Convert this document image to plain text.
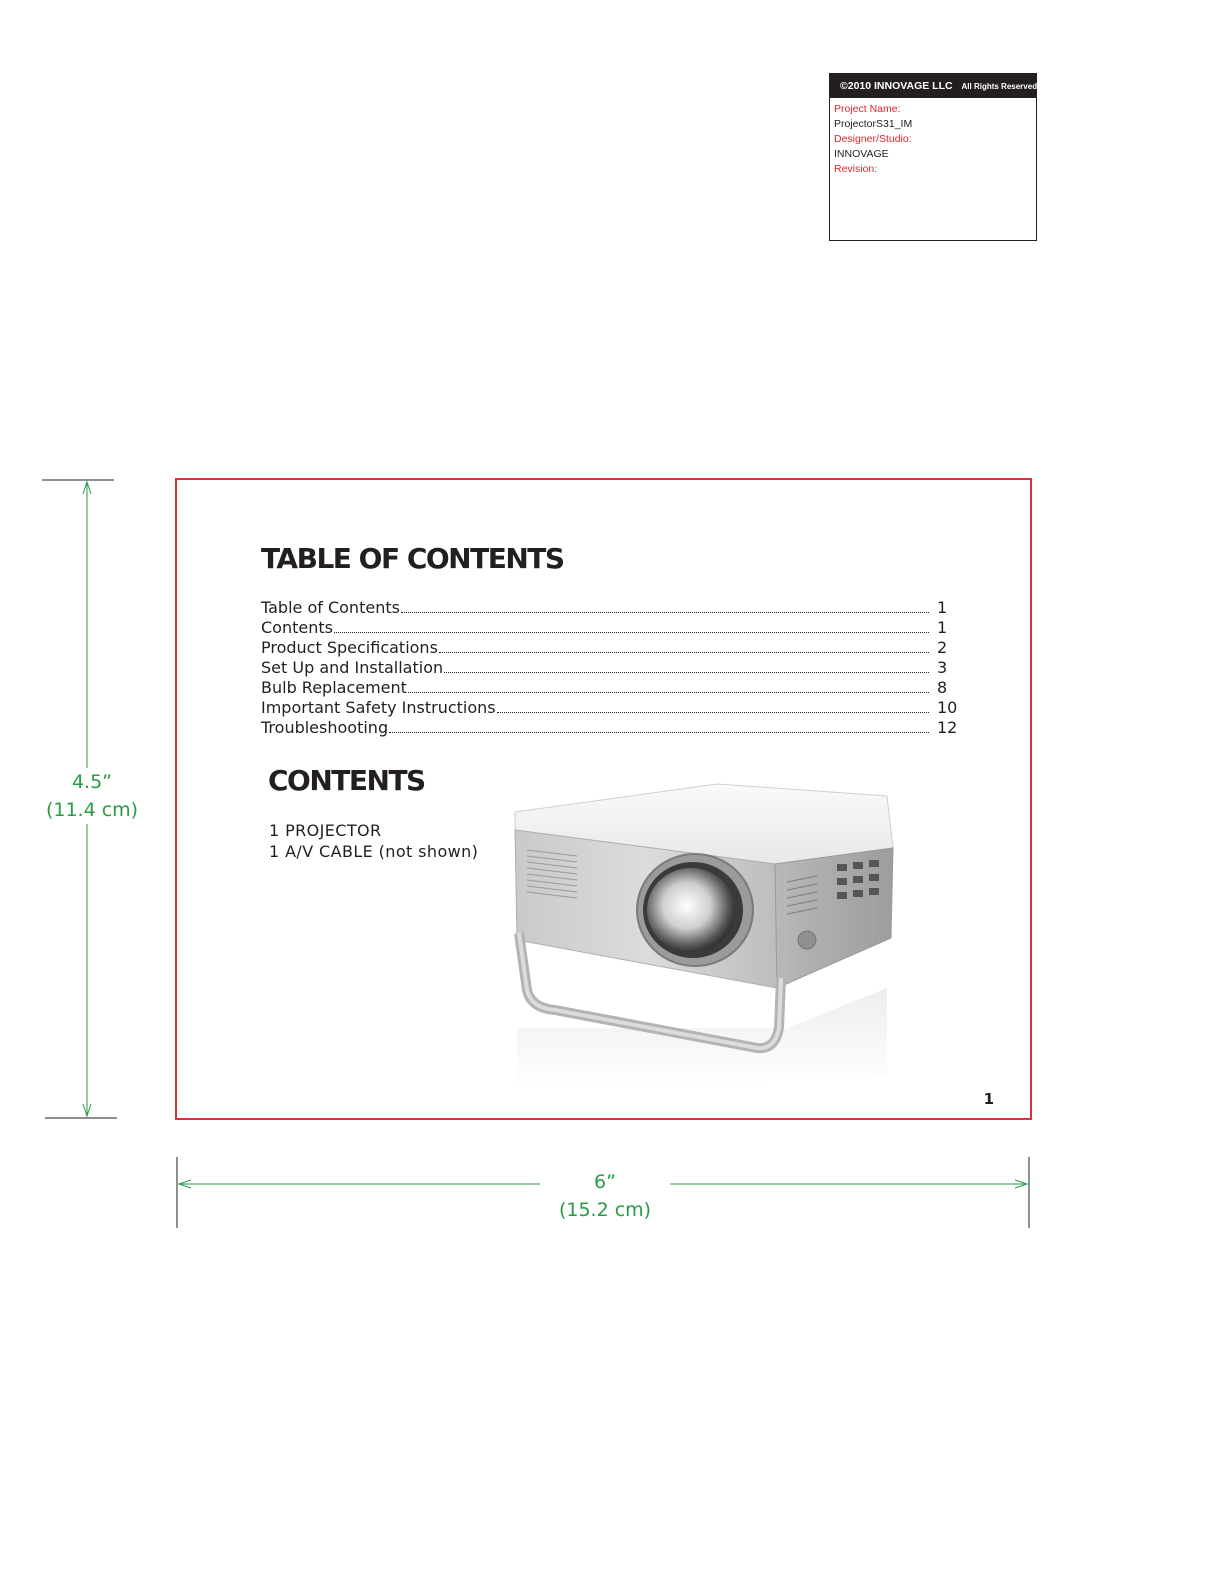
©2010 INNOVAGE LLC All Rights Reserved.
Project Name:
ProjectorS31_IM
Designer/Studio:
INNOVAGE
Revision:
4.5”
(11.4 cm)
6”
(15.2 cm)
TABLE OF CONTENTS
Table of Contents	1
Contents	1
Product Specifications	2
Set Up and Installation	3
Bulb Replacement	8
Important Safety Instructions	10
Troubleshooting	12
CONTENTS
1 PROJECTOR
1 A/V CABLE (not shown)
1
